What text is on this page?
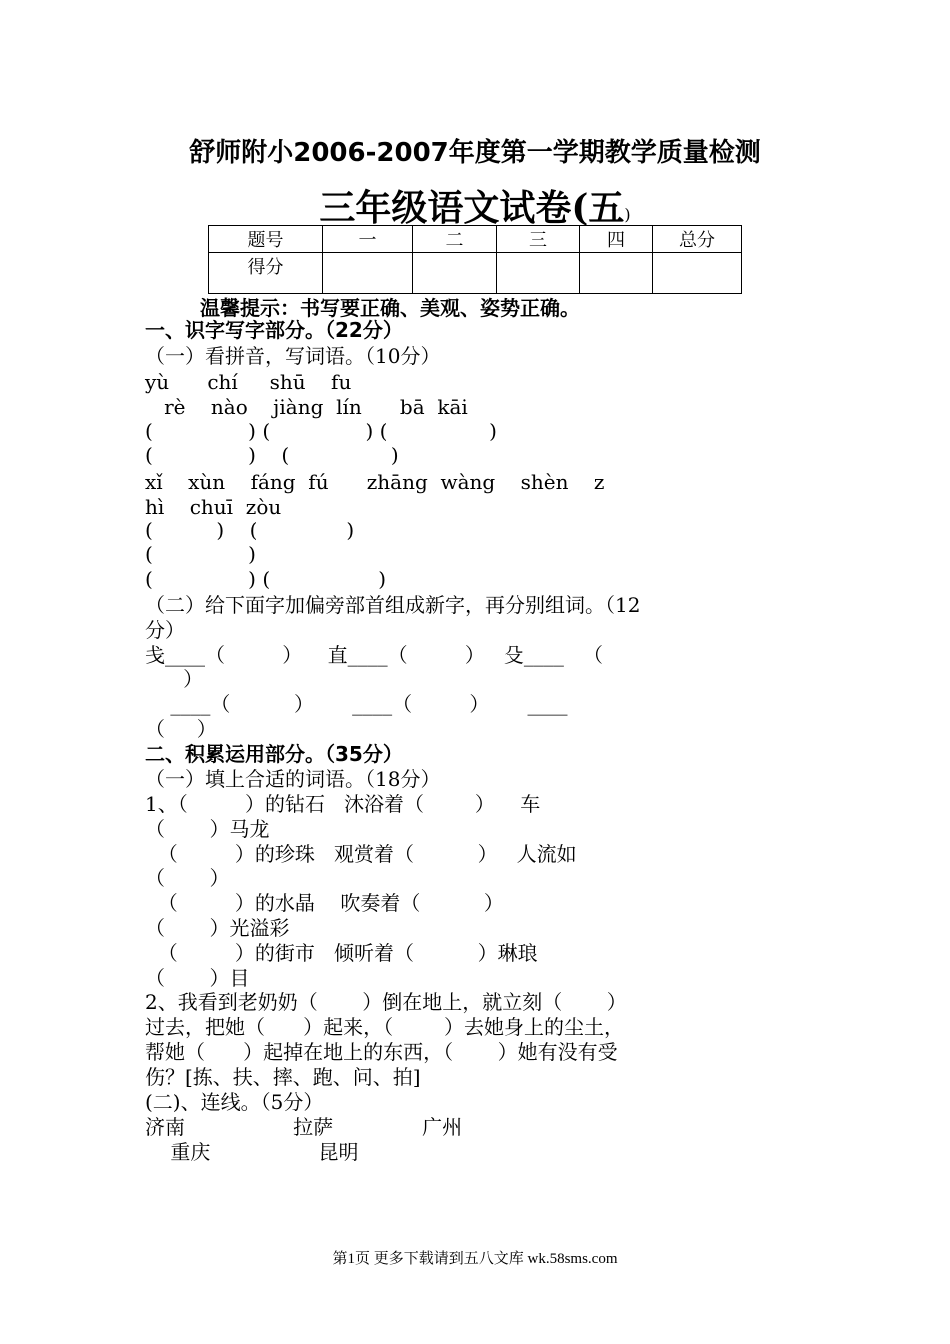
舒师附小2006-2007年度第一学期教学质量检测
三年级语文试卷(五)
题号	一	二	三	四	总分
得分					
温馨提示：书写要正确、美观、姿势正确。
一、识字写字部分。（22分）
（一）看拼音，写词语。（10分）
yù      chí     shū    fu
rè    nào    jiàng  lín      bā  kāi
(               ) (               ) (                )
(               )    (                )
xǐ    xùn    fáng  fú      zhāng  wàng    shèn    z
hì    chuī  zòu
(          )    (              )
(               )
(               ) (                 )
（二）给下面字加偏旁部首组成新字，再分别组词。（12
分）
戋____（         ）    直____（         ）   殳____   （
）
____（          ）      ____（         ）      ____
（     ）
二、积累运用部分。（35分）
（一）填上合适的词语。（18分）
1、（         ）的钻石   沐浴着（        ）    车
（       ）马龙
（         ）的珍珠   观赏着（          ）   人流如
（       ）
（         ）的水晶    吹奏着（          ）
（       ）光溢彩
（         ）的街市   倾听着（          ）琳琅
（       ）目
2、我看到老奶奶（       ）倒在地上，就立刻（       ）
过去，把她（      ）起来，（        ）去她身上的尘土，
帮她（      ）起掉在地上的东西，（       ）她有没有受
伤？[拣、扶、摔、跑、问、拍]
(二)、连线。（5分）
济南                 拉萨              广州
重庆                 昆明
第1页 更多下载请到五八文库 wk.58sms.com
